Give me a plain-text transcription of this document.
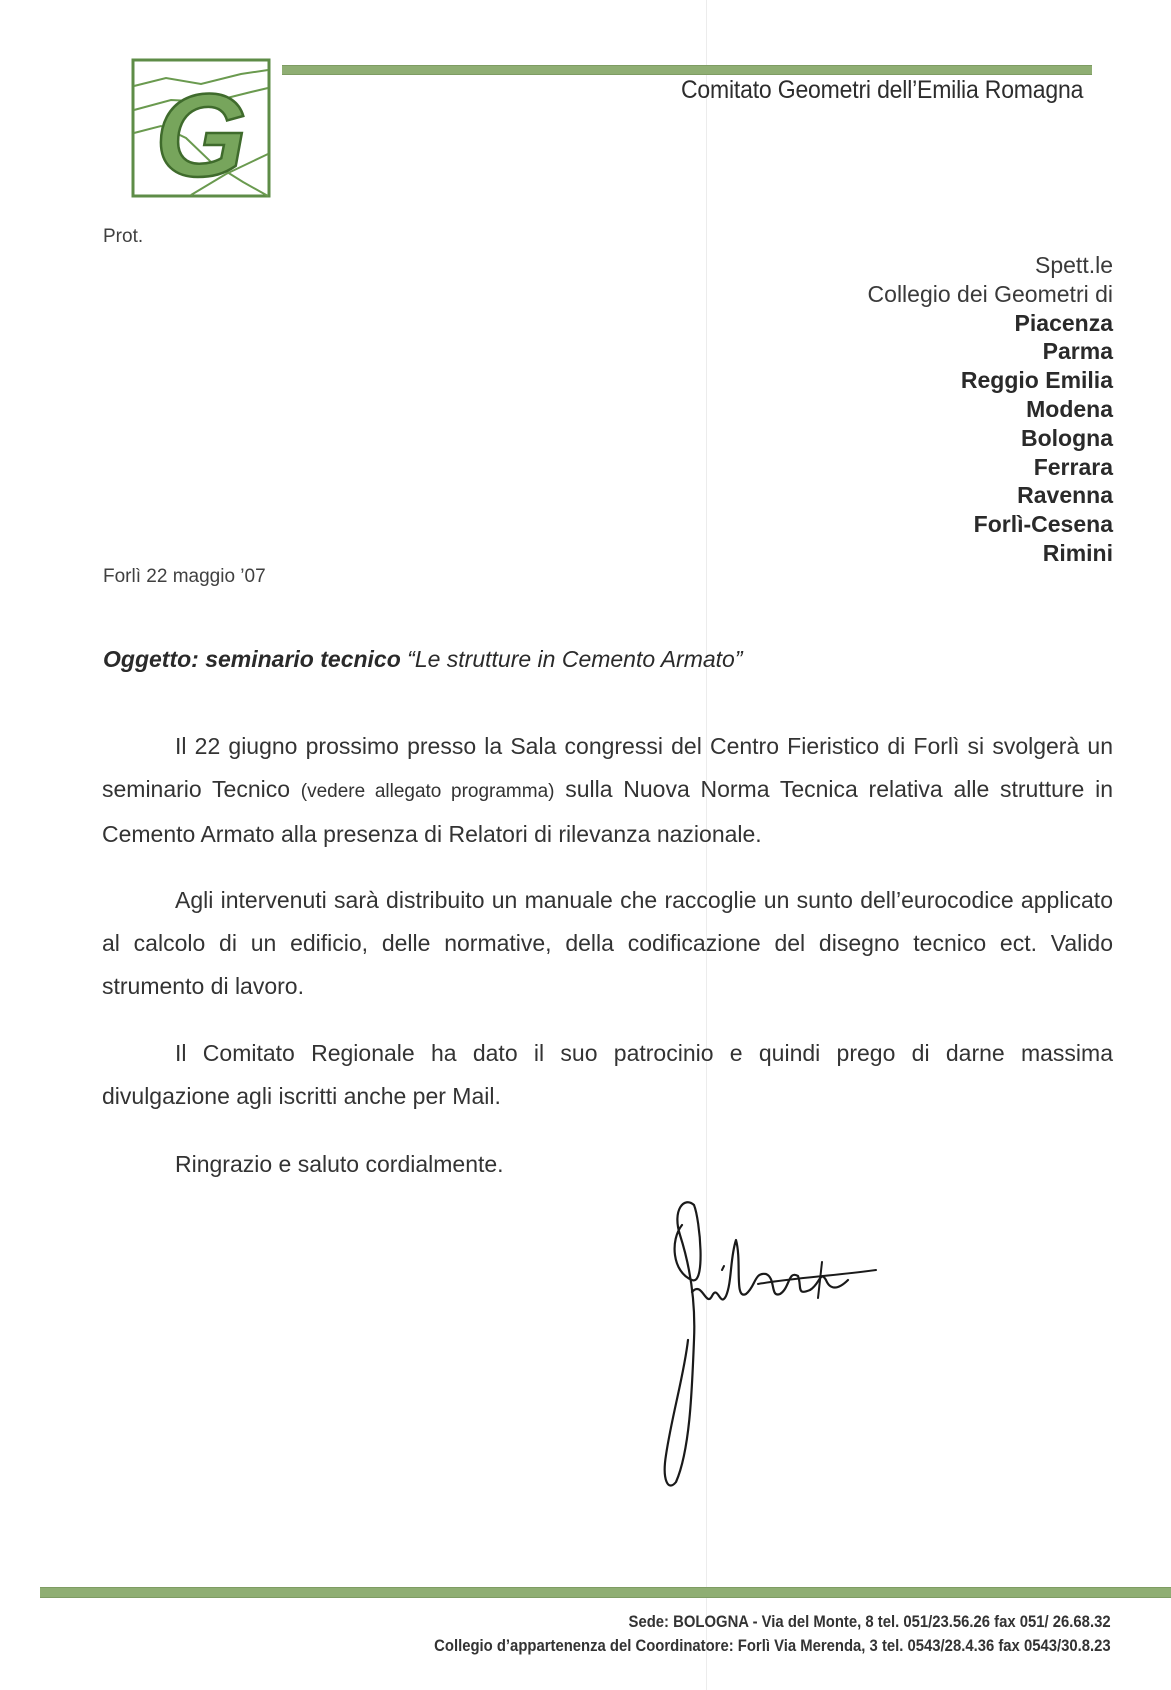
G	Comitato Geometri dell’Emilia Romagna
Prot.
Spett.le
Collegio dei Geometri di
Piacenza
Parma
Reggio Emilia
Modena
Bologna
Ferrara
Ravenna
Forlì-Cesena
Rimini
Forlì 22 maggio ’07
Oggetto: seminario tecnico “Le strutture in Cemento Armato”

Il 22 giugno prossimo presso la Sala congressi del Centro Fieristico di Forlì si svolgerà un seminario Tecnico (vedere allegato programma) sulla Nuova Norma Tecnica relativa alle strutture in Cemento Armato alla presenza di Relatori di rilevanza nazionale.

Agli intervenuti sarà distribuito un manuale che raccoglie un sunto dell’eurocodice applicato al calcolo di un edificio, delle normative, della codificazione del disegno tecnico ect. Valido strumento di lavoro.

Il Comitato Regionale ha dato il suo patrocinio e quindi prego di darne massima divulgazione agli iscritti anche per Mail.

Ringrazio e saluto cordialmente.

Sede: BOLOGNA - Via del Monte, 8 tel. 051/23.56.26 fax 051/ 26.68.32
Collegio d’appartenenza del Coordinatore: Forlì Via Merenda, 3 tel. 0543/28.4.36 fax 0543/30.8.23
